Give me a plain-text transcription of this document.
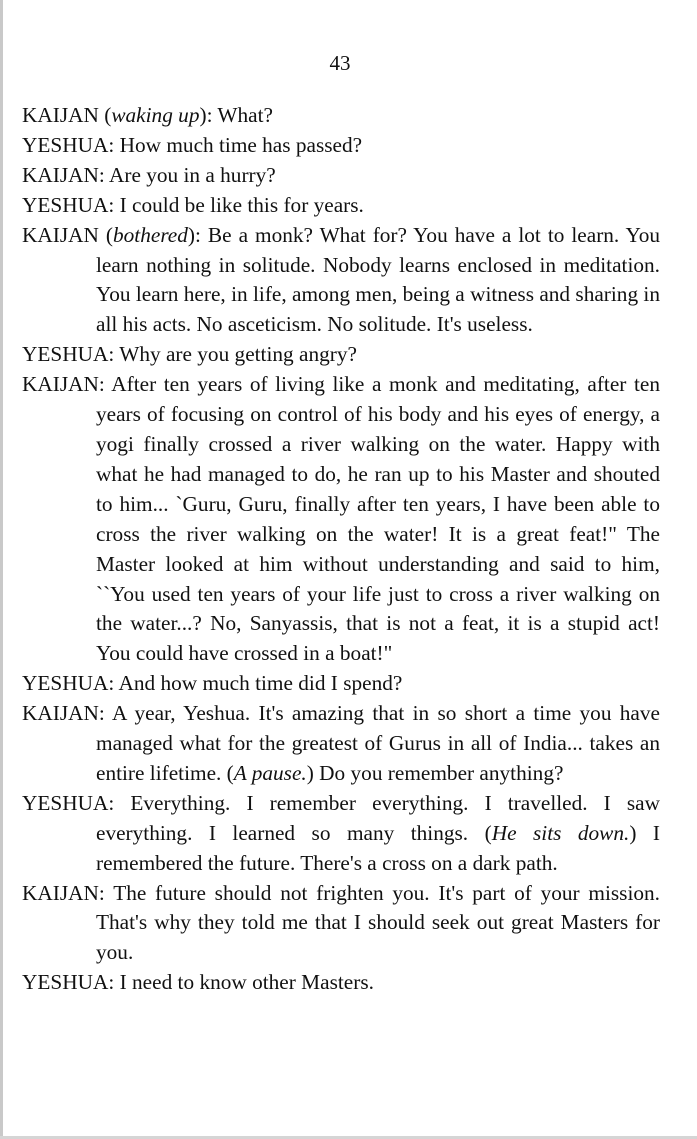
43

KAIJAN (waking up): What?

YESHUA: How much time has passed?

KAIJAN: Are you in a hurry?

YESHUA: I could be like this for years.

KAIJAN (bothered): Be a monk? What for? You have a lot to learn. You learn nothing in solitude. Nobody learns enclosed in meditation. You learn here, in life, among men, being a witness and sharing in all his acts. No asceticism. No solitude. It's useless.

YESHUA: Why are you getting angry?

KAIJAN: After ten years of living like a monk and meditating, after ten years of focusing on control of his body and his eyes of energy, a yogi finally crossed a river walking on the water. Happy with what he had managed to do, he ran up to his Master and shouted to him... `Guru, Guru, finally after ten years, I have been able to cross the river walking on the water! It is a great feat!" The Master looked at him without understanding and said to him, ``You used ten years of your life just to cross a river walking on the water...? No, Sanyassis, that is not a feat, it is a stupid act! You could have crossed in a boat!"

YESHUA: And how much time did I spend?

KAIJAN: A year, Yeshua. It's amazing that in so short a time you have managed what for the greatest of Gurus in all of India... takes an entire lifetime. (A pause.) Do you remember anything?

YESHUA: Everything. I remember everything. I travelled. I saw everything. I learned so many things. (He sits down.) I remembered the future. There's a cross on a dark path.

KAIJAN: The future should not frighten you. It's part of your mission. That's why they told me that I should seek out great Masters for you.

YESHUA: I need to know other Masters.
